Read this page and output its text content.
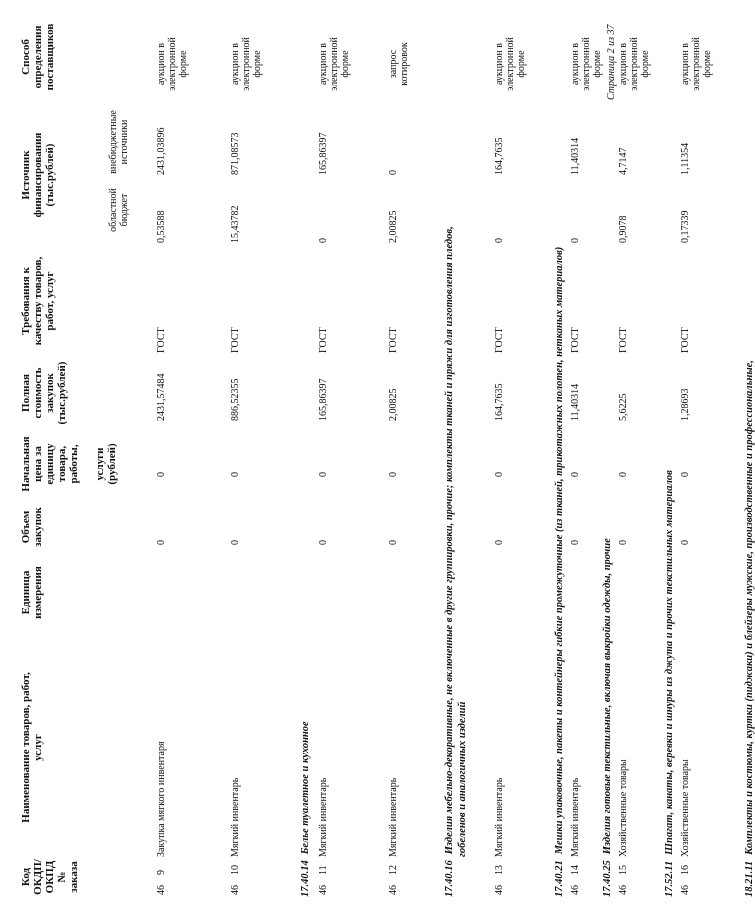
Код ОКДП/ ОКПД № заказа
Наименование товаров, работ, услуг
Единица измерения
Объем закупок
Начальная цена за единицу товара, работы, услуги (рублей)
Полная стоимость закупок (тыс.рублей)
Требования к качеству товаров, работ, услуг
Источник финансирования (тыс.рублей)
областной бюджет
внебюджетные источники
Способ определения поставщиков
46
9
Закупка мягкого инвентаря
0
0
2431,57484
ГОСТ
0,53588
2431,03896
аукцион в электронной форме
46
10
Мягкий инвентарь
0
0
886,52355
ГОСТ
15,43782
871,08573
аукцион в электронной форме
17.40.14Белье туалетное и кухонное
46
11
Мягкий инвентарь
0
0
165,86397
ГОСТ
0
165,86397
аукцион в электронной форме
46
12
Мягкий инвентарь
0
0
2,00825
ГОСТ
2,00825
0
запрос котировок
17.40.16Изделия мебельно-декоративные, не включенные в другие группировки, прочие; комплекты тканей и пряжи для изготовления пледов, гобеленов и аналогичных изделий
46
13
Мягкий инвентарь
0
0
164,7635
ГОСТ
0
164,7635
аукцион в электронной форме
17.40.21Мешки упаковочные, пакеты и контейнеры гибкие промежуточные (из тканей, трикотажных полотен, нетканых материалов)
46
14
Мягкий инвентарь
0
0
11,40314
ГОСТ
0
11,40314
аукцион в электронной форме
17.40.25Изделия готовые текстильные, включая выкройки одежды, прочие
46
15
Хозяйственные товары
0
0
5,6225
ГОСТ
0,9078
4,7147
аукцион в электронной форме
17.52.11Шпагат, канаты, веревки и шнуры из джута и прочих текстильных материалов
46
16
Хозяйственные товары
0
0
1,28693
ГОСТ
0,17339
1,11354
аукцион в электронной форме
18.21.11Комплекты и костюмы, куртки (пиджаки) и блейзеры мужские, производственные и профессиональные,
Страница 2 из 37
